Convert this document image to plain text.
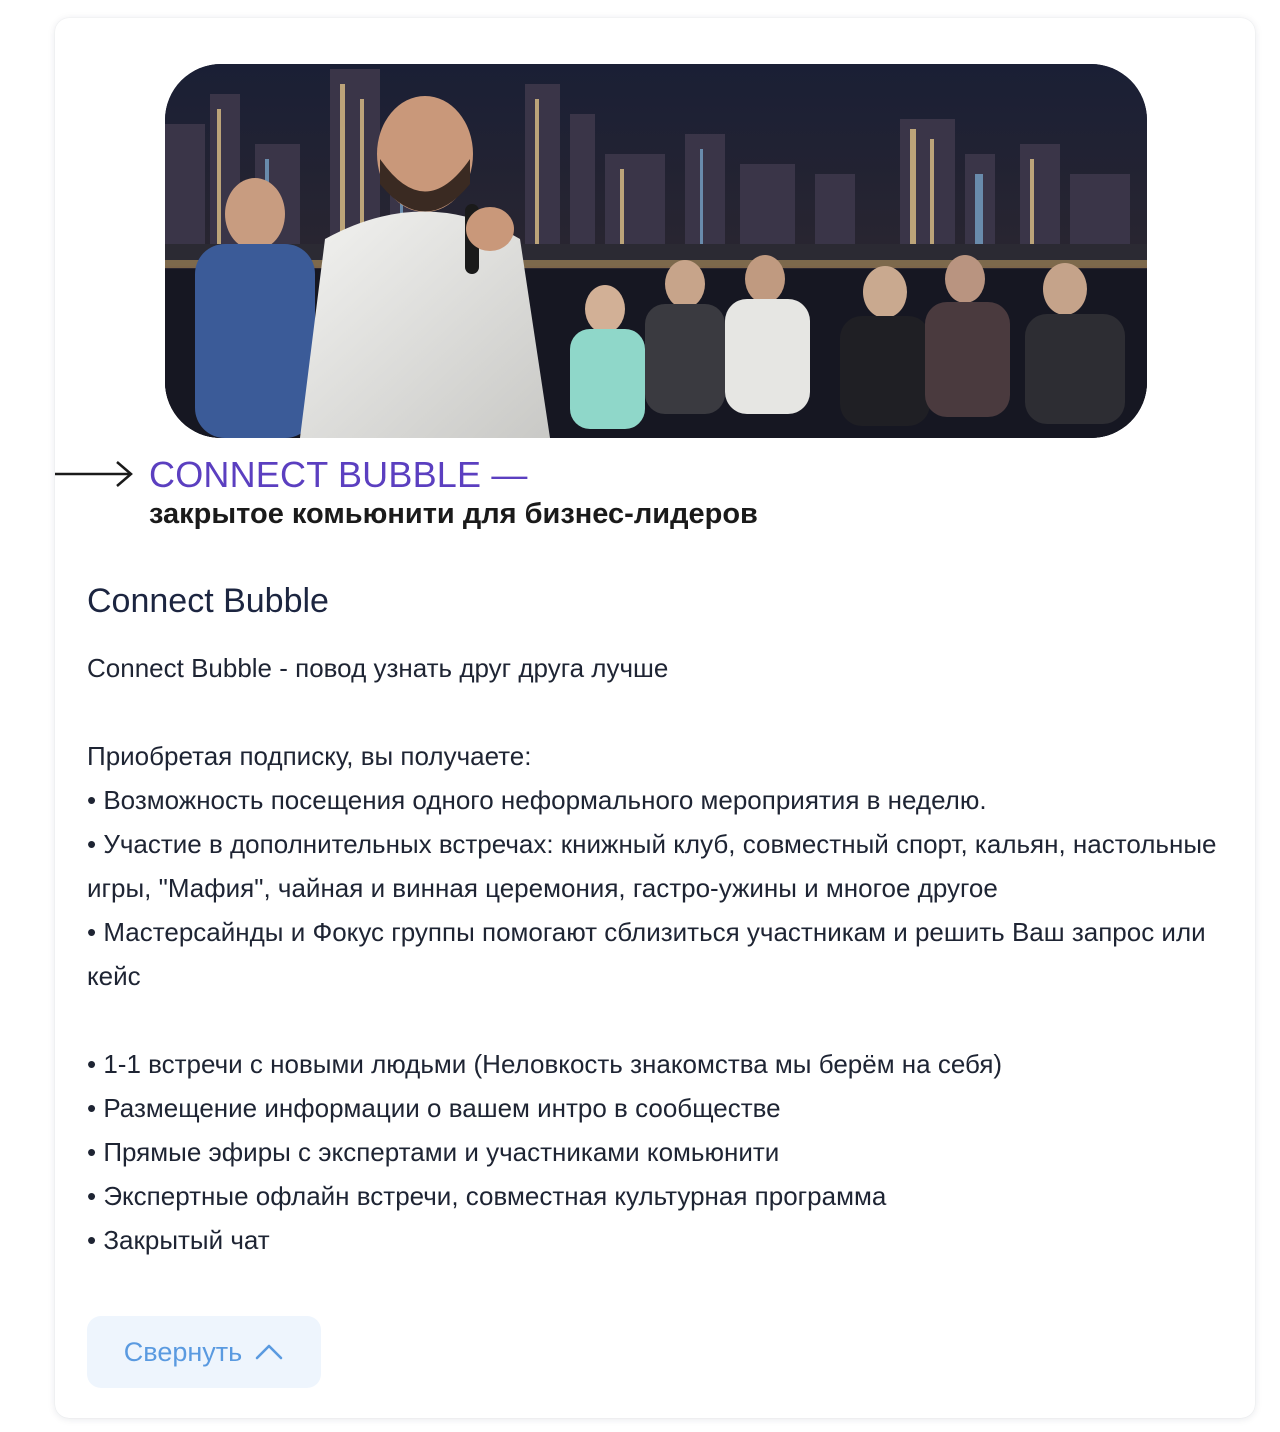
CONNECT BUBBLE —
закрытое комьюнити для бизнес-лидеров
Connect Bubble

Connect Bubble - повод узнать друг друга лучше

Приобретая подписку, вы получаете:

• Возможность посещения одного неформального мероприятия в неделю.

• Участие в дополнительных встречах: книжный клуб, совместный спорт, кальян, настольные игры, "Мафия", чайная и винная церемония, гастро-ужины и многое другое

• Мастерсайнды и Фокус группы помогают сблизиться участникам и решить Ваш запрос или кейс

• 1-1 встречи с новыми людьми (Неловкость знакомства мы берём на себя)

• Размещение информации о вашем интро в сообществе

• Прямые эфиры с экспертами и участниками комьюнити

• Экспертные офлайн встречи, совместная культурная программа

• Закрытый чат

Свернуть
